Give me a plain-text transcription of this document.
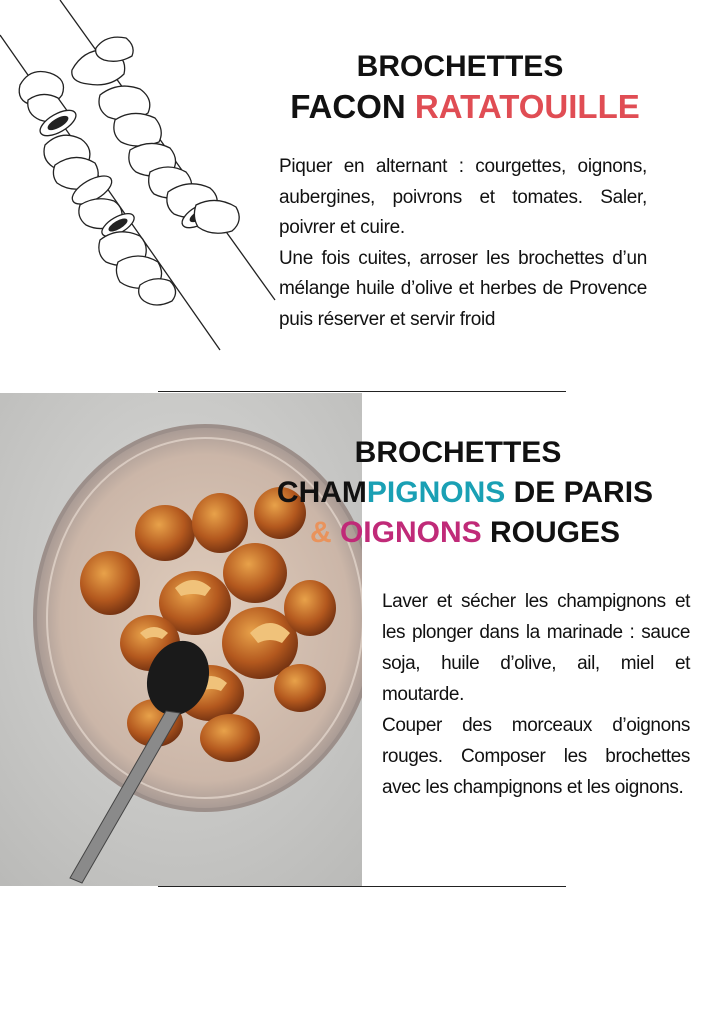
BROCHETTES
FACON RATATOUILLE

Piquer en alternant : courgettes, oignons, aubergines, poivrons et tomates. Saler, poivrer et cuire.

Une fois cuites, arroser les brochettes d’un mélange huile d’olive et herbes de Provence puis réserver et servir froid

BROCHETTES
CHAMPIGNONS DE PARIS
& OIGNONS ROUGES

Laver et sécher les champignons et les plonger dans la marinade : sauce soja, huile d’olive, ail, miel et moutarde.

Couper des morceaux d’oignons rouges. Composer les brochettes avec les champignons et les oignons.
